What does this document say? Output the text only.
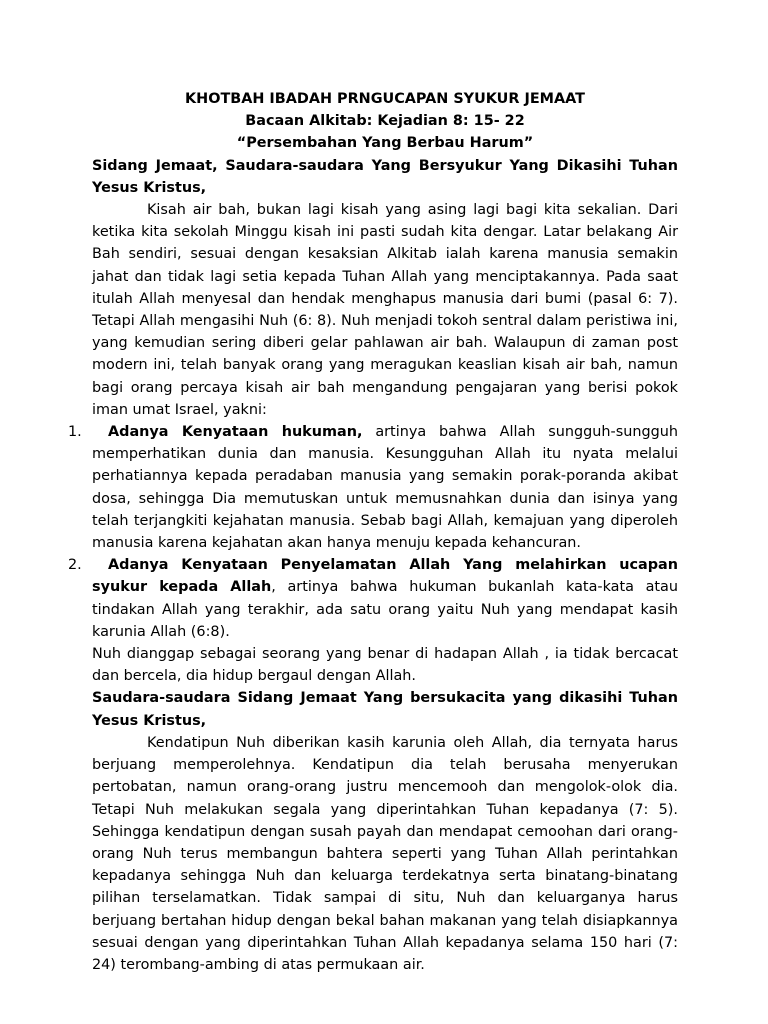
KHOTBAH IBADAH PRNGUCAPAN SYUKUR JEMAAT

Bacaan Alkitab: Kejadian 8: 15- 22

“Persembahan Yang Berbau Harum”

Sidang Jemaat, Saudara-saudara Yang Bersyukur Yang Dikasihi Tuhan Yesus Kristus,

Kisah air bah, bukan lagi kisah yang asing lagi bagi kita sekalian. Dari ketika kita sekolah Minggu kisah ini pasti sudah kita dengar. Latar belakang Air Bah sendiri, sesuai dengan kesaksian Alkitab ialah karena manusia semakin jahat dan tidak lagi setia kepada Tuhan Allah yang menciptakannya. Pada saat itulah Allah menyesal dan hendak menghapus manusia dari bumi (pasal 6: 7). Tetapi Allah mengasihi Nuh (6: 8). Nuh menjadi tokoh sentral dalam peristiwa ini, yang kemudian sering diberi gelar pahlawan air bah. Walaupun di zaman post modern ini, telah banyak orang yang meragukan keaslian kisah air bah, namun bagi orang percaya kisah air bah mengandung pengajaran yang berisi pokok iman umat Israel, yakni:

1.	Adanya Kenyataan hukuman, artinya bahwa Allah sungguh-sungguh memperhatikan dunia dan manusia. Kesungguhan Allah itu nyata melalui perhatiannya kepada peradaban manusia yang semakin porak-poranda akibat dosa, sehingga Dia memutuskan untuk memusnahkan dunia dan isinya yang telah terjangkiti kejahatan manusia. Sebab bagi Allah, kemajuan yang diperoleh manusia karena kejahatan akan hanya menuju kepada kehancuran.

2.	Adanya Kenyataan Penyelamatan Allah Yang melahirkan ucapan syukur kepada Allah, artinya bahwa hukuman bukanlah kata-kata atau tindakan Allah yang terakhir, ada satu orang yaitu Nuh yang mendapat kasih karunia Allah (6:8).

Nuh dianggap sebagai seorang yang benar di hadapan Allah , ia tidak bercacat dan bercela, dia hidup bergaul dengan Allah.

Saudara-saudara Sidang Jemaat Yang bersukacita yang dikasihi Tuhan Yesus Kristus,

Kendatipun Nuh diberikan kasih karunia oleh Allah, dia ternyata harus berjuang memperolehnya. Kendatipun dia telah berusaha menyerukan pertobatan, namun orang-orang justru mencemooh dan mengolok-olok dia. Tetapi Nuh melakukan segala yang diperintahkan Tuhan kepadanya (7: 5). Sehingga kendatipun dengan susah payah dan mendapat cemoohan dari orang-orang Nuh terus membangun bahtera seperti yang Tuhan Allah perintahkan kepadanya sehingga Nuh dan keluarga terdekatnya serta binatang-binatang pilihan terselamatkan. Tidak sampai di situ, Nuh dan keluarganya harus berjuang bertahan hidup dengan bekal bahan makanan yang telah disiapkannya sesuai dengan yang diperintahkan Tuhan Allah kepadanya selama 150 hari (7: 24) terombang-ambing di atas permukaan air.
